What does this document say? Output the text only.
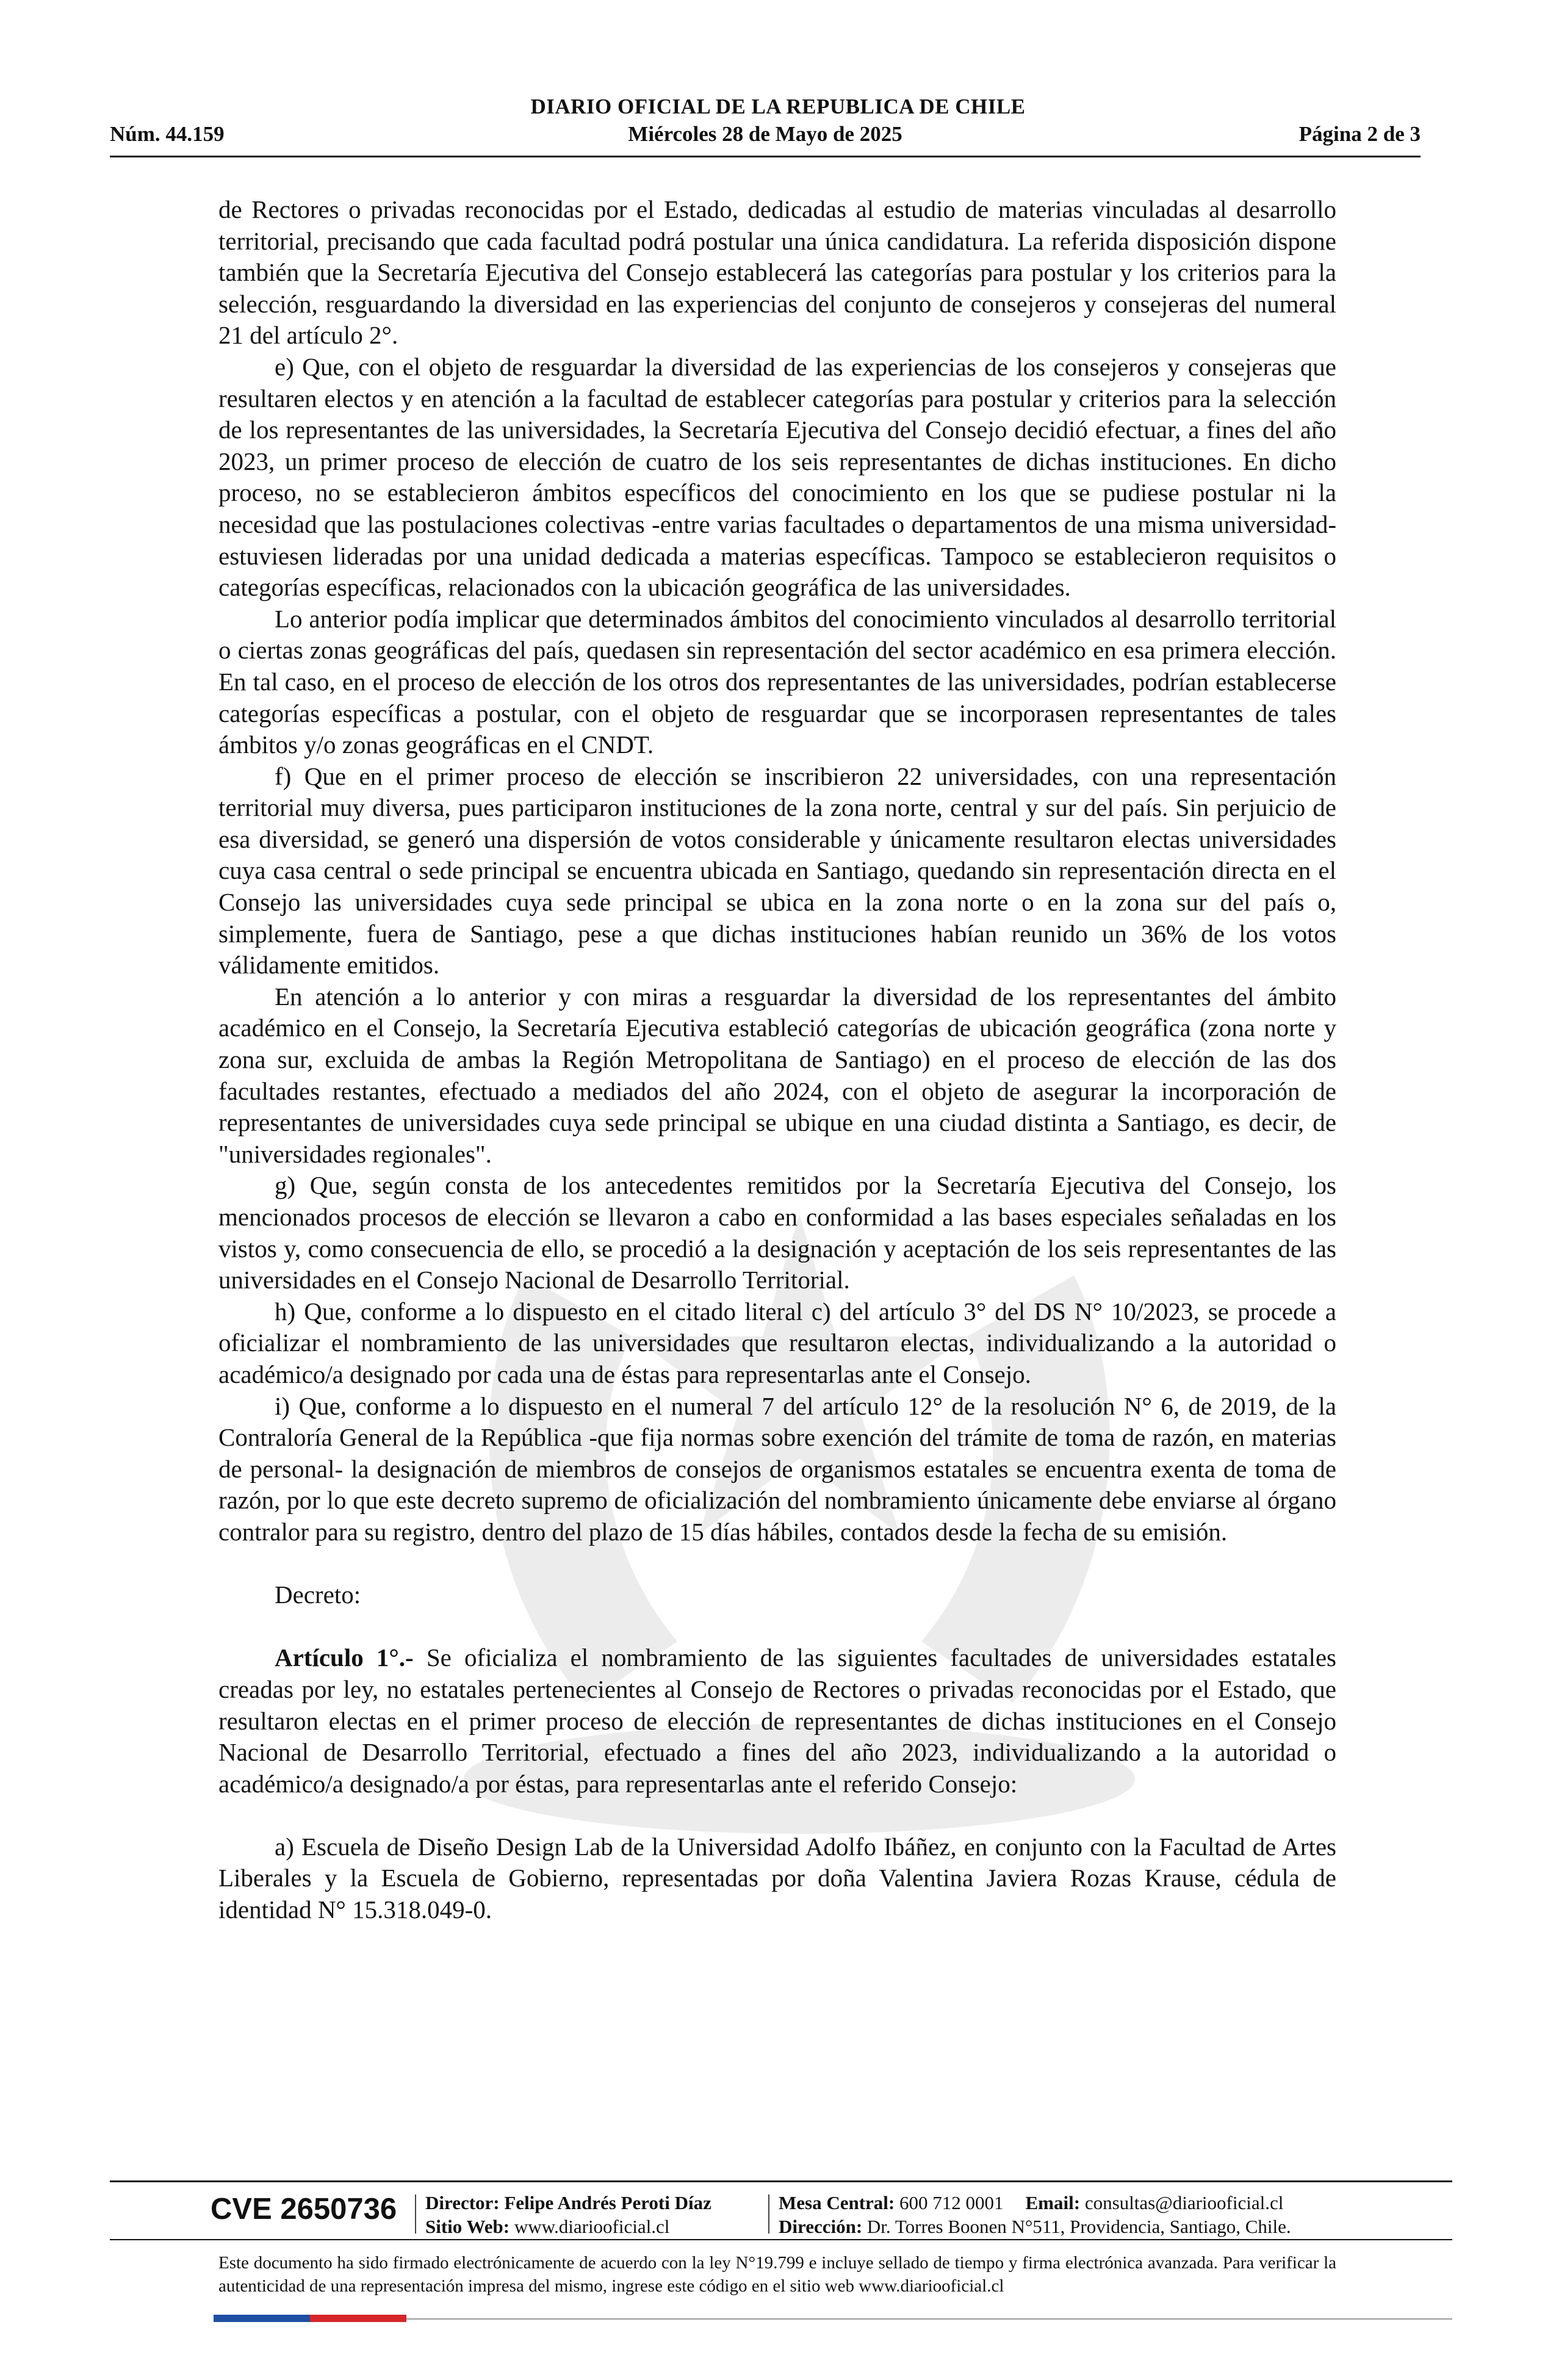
DIARIO OFICIAL DE LA REPUBLICA DE CHILE
Miércoles 28 de Mayo de 2025
Núm. 44.159	Página 2 de 3

de Rectores o privadas reconocidas por el Estado, dedicadas al estudio de materias vinculadas al desarrollo territorial, precisando que cada facultad podrá postular una única candidatura. La referida disposición dispone también que la Secretaría Ejecutiva del Consejo establecerá las categorías para postular y los criterios para la selección, resguardando la diversidad en las experiencias del conjunto de consejeros y consejeras del numeral 21 del artículo 2°.

e) Que, con el objeto de resguardar la diversidad de las experiencias de los consejeros y consejeras que resultaren electos y en atención a la facultad de establecer categorías para postular y criterios para la selección de los representantes de las universidades, la Secretaría Ejecutiva del Consejo decidió efectuar, a fines del año 2023, un primer proceso de elección de cuatro de los seis representantes de dichas instituciones. En dicho proceso, no se establecieron ámbitos específicos del conocimiento en los que se pudiese postular ni la necesidad que las postulaciones colectivas -entre varias facultades o departamentos de una misma universidad- estuviesen lideradas por una unidad dedicada a materias específicas. Tampoco se establecieron requisitos o categorías específicas, relacionados con la ubicación geográfica de las universidades.

Lo anterior podía implicar que determinados ámbitos del conocimiento vinculados al desarrollo territorial o ciertas zonas geográficas del país, quedasen sin representación del sector académico en esa primera elección. En tal caso, en el proceso de elección de los otros dos representantes de las universidades, podrían establecerse categorías específicas a postular, con el objeto de resguardar que se incorporasen representantes de tales ámbitos y/o zonas geográficas en el CNDT.

f) Que en el primer proceso de elección se inscribieron 22 universidades, con una representación territorial muy diversa, pues participaron instituciones de la zona norte, central y sur del país. Sin perjuicio de esa diversidad, se generó una dispersión de votos considerable y únicamente resultaron electas universidades cuya casa central o sede principal se encuentra ubicada en Santiago, quedando sin representación directa en el Consejo las universidades cuya sede principal se ubica en la zona norte o en la zona sur del país o, simplemente, fuera de Santiago, pese a que dichas instituciones habían reunido un 36% de los votos válidamente emitidos.

En atención a lo anterior y con miras a resguardar la diversidad de los representantes del ámbito académico en el Consejo, la Secretaría Ejecutiva estableció categorías de ubicación geográfica (zona norte y zona sur, excluida de ambas la Región Metropolitana de Santiago) en el proceso de elección de las dos facultades restantes, efectuado a mediados del año 2024, con el objeto de asegurar la incorporación de representantes de universidades cuya sede principal se ubique en una ciudad distinta a Santiago, es decir, de "universidades regionales".

g) Que, según consta de los antecedentes remitidos por la Secretaría Ejecutiva del Consejo, los mencionados procesos de elección se llevaron a cabo en conformidad a las bases especiales señaladas en los vistos y, como consecuencia de ello, se procedió a la designación y aceptación de los seis representantes de las universidades en el Consejo Nacional de Desarrollo Territorial.

h) Que, conforme a lo dispuesto en el citado literal c) del artículo 3° del DS N° 10/2023, se procede a oficializar el nombramiento de las universidades que resultaron electas, individualizando a la autoridad o académico/a designado por cada una de éstas para representarlas ante el Consejo.

i) Que, conforme a lo dispuesto en el numeral 7 del artículo 12° de la resolución N° 6, de 2019, de la Contraloría General de la República -que fija normas sobre exención del trámite de toma de razón, en materias de personal- la designación de miembros de consejos de organismos estatales se encuentra exenta de toma de razón, por lo que este decreto supremo de oficialización del nombramiento únicamente debe enviarse al órgano contralor para su registro, dentro del plazo de 15 días hábiles, contados desde la fecha de su emisión.

Decreto:

Artículo 1°.- Se oficializa el nombramiento de las siguientes facultades de universidades estatales creadas por ley, no estatales pertenecientes al Consejo de Rectores o privadas reconocidas por el Estado, que resultaron electas en el primer proceso de elección de representantes de dichas instituciones en el Consejo Nacional de Desarrollo Territorial, efectuado a fines del año 2023, individualizando a la autoridad o académico/a designado/a por éstas, para representarlas ante el referido Consejo:

a) Escuela de Diseño Design Lab de la Universidad Adolfo Ibáñez, en conjunto con la Facultad de Artes Liberales y la Escuela de Gobierno, representadas por doña Valentina Javiera Rozas Krause, cédula de identidad N° 15.318.049-0.

CVE 2650736 Director: Felipe Andrés Peroti Díaz
Sitio Web: www.diariooficial.cl
Mesa Central: 600 712 0001 Email: consultas@diariooficial.cl
Dirección: Dr. Torres Boonen N°511, Providencia, Santiago, Chile.
Este documento ha sido firmado electrónicamente de acuerdo con la ley N°19.799 e incluye sellado de tiempo y firma electrónica avanzada. Para verificar la autenticidad de una representación impresa del mismo, ingrese este código en el sitio web www.diariooficial.cl
